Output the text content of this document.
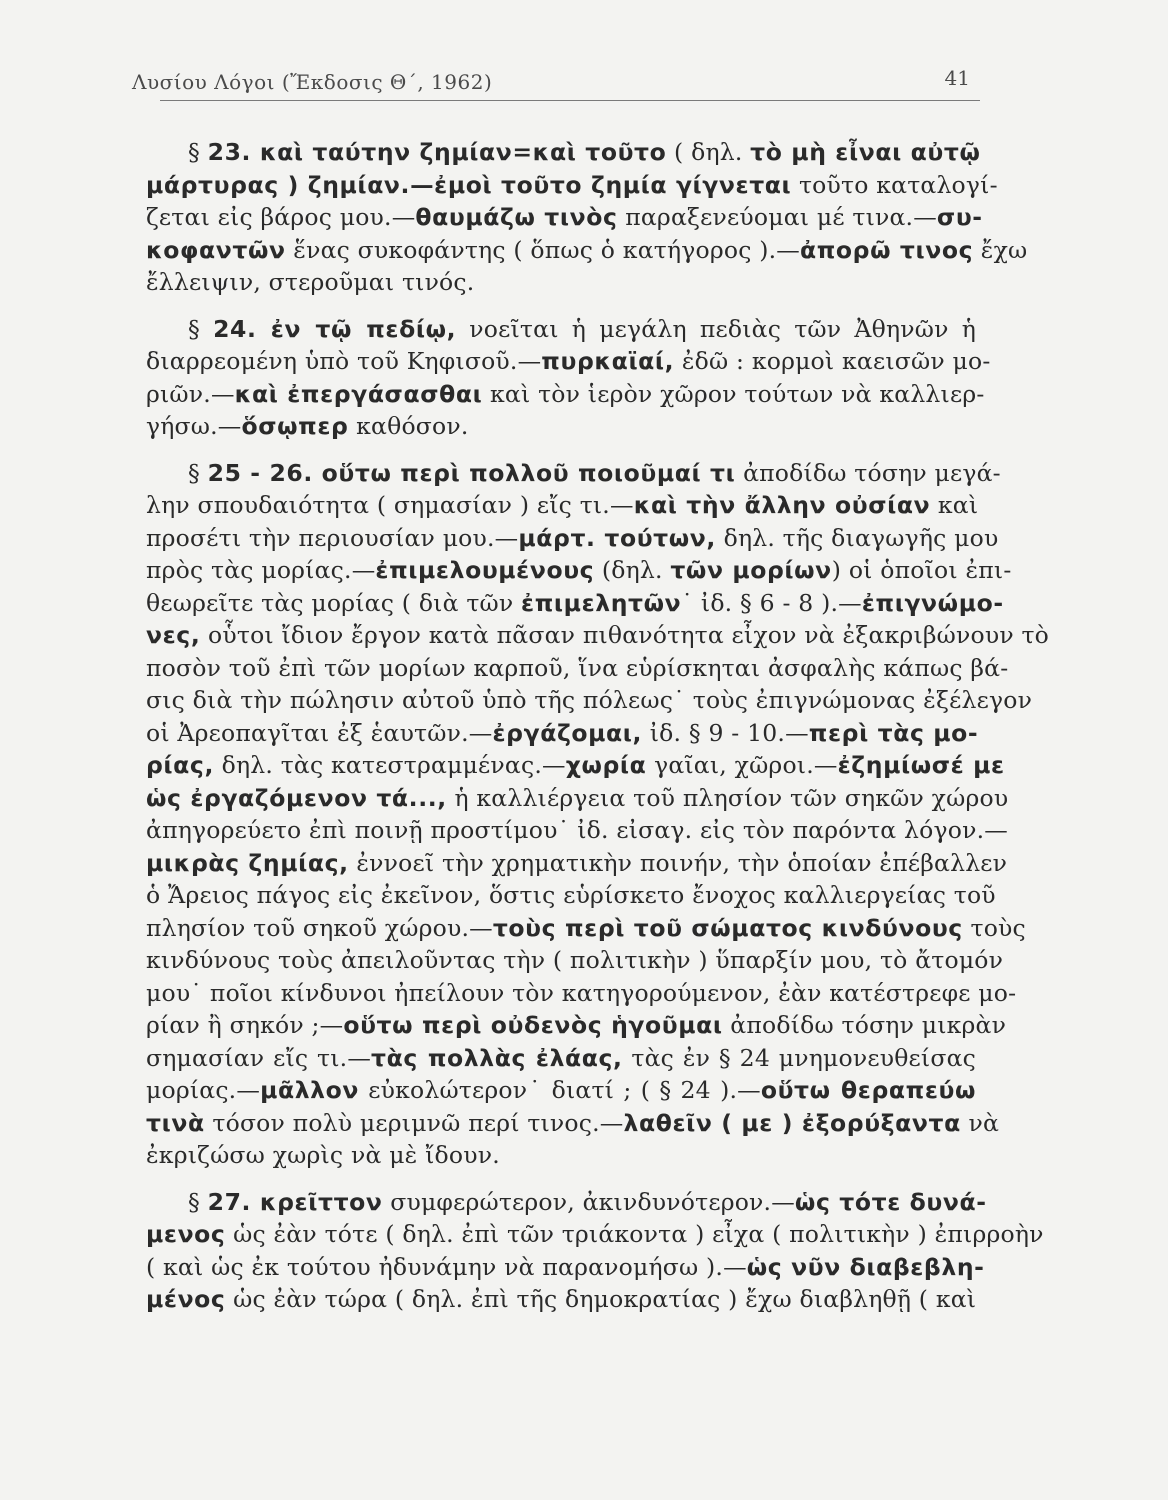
Λυσίου Λόγοι (Ἔκδοσις Θ΄, 1962)	41
§ 23. καὶ ταύτην ζημίαν=καὶ τοῦτο ( δηλ. τὸ μὴ εἶναι αὐτῷ
μάρτυρας ) ζημίαν.—ἐμοὶ τοῦτο ζημία γίγνεται τοῦτο καταλογί-
ζεται εἰς βάρος μου.—θαυμάζω τινὸς παραξενεύομαι μέ τινα.—συ-
κοφαντῶν ἕνας συκοφάντης ( ὅπως ὁ κατήγορος ).—ἀπορῶ τινος ἔχω
ἔλλειψιν, στεροῦμαι τινός.
§ 24. ἐν τῷ πεδίῳ, νοεῖται ἡ μεγάλη πεδιὰς τῶν Ἀθηνῶν ἡ
διαρρεομένη ὑπὸ τοῦ Κηφισοῦ.—πυρκαϊαί, ἐδῶ : κορμοὶ καεισῶν μο-
ριῶν.—καὶ ἐπεργάσασθαι καὶ τὸν ἱερὸν χῶρον τούτων νὰ καλλιερ-
γήσω.—ὅσῳπερ καθόσον.
§ 25 - 26. οὕτω περὶ πολλοῦ ποιοῦμαί τι ἀποδίδω τόσην μεγά-
λην σπουδαιότητα ( σημασίαν ) εἴς τι.—καὶ τὴν ἄλλην οὐσίαν καὶ
προσέτι τὴν περιουσίαν μου.—μάρτ. τούτων, δηλ. τῆς διαγωγῆς μου
πρὸς τὰς μορίας.—ἐπιμελουμένους (δηλ. τῶν μορίων) οἱ ὁποῖοι ἐπι-
θεωρεῖτε τὰς μορίας ( διὰ τῶν ἐπιμελητῶν˙ ἰδ. § 6 - 8 ).—ἐπιγνώμο-
νες, οὗτοι ἴδιον ἔργον κατὰ πᾶσαν πιθανότητα εἶχον νὰ ἐξακριβώνουν τὸ
ποσὸν τοῦ ἐπὶ τῶν μορίων καρποῦ, ἵνα εὑρίσκηται ἀσφαλὴς κάπως βά-
σις διὰ τὴν πώλησιν αὐτοῦ ὑπὸ τῆς πόλεως˙ τοὺς ἐπιγνώμονας ἐξέλεγον
οἱ Ἀρεοπαγῖται ἐξ ἑαυτῶν.—ἐργάζομαι, ἰδ. § 9 - 10.—περὶ τὰς μο-
ρίας, δηλ. τὰς κατεστραμμένας.—χωρία γαῖαι, χῶροι.—ἐζημίωσέ με
ὡς ἐργαζόμενον τά..., ἡ καλλιέργεια τοῦ πλησίον τῶν σηκῶν χώρου
ἀπηγορεύετο ἐπὶ ποινῇ προστίμου˙ ἰδ. εἰσαγ. εἰς τὸν παρόντα λόγον.—
μικρὰς ζημίας, ἐννοεῖ τὴν χρηματικὴν ποινήν, τὴν ὁποίαν ἐπέβαλλεν
ὁ Ἄρειος πάγος εἰς ἐκεῖνον, ὅστις εὑρίσκετο ἔνοχος καλλιεργείας τοῦ
πλησίον τοῦ σηκοῦ χώρου.—τοὺς περὶ τοῦ σώματος κινδύνους τοὺς
κινδύνους τοὺς ἀπειλοῦντας τὴν ( πολιτικὴν ) ὕπαρξίν μου, τὸ ἄτομόν
μου˙ ποῖοι κίνδυνοι ἠπείλουν τὸν κατηγορούμενον, ἐὰν κατέστρεφε μο-
ρίαν ἢ σηκόν ;—οὕτω περὶ οὐδενὸς ἡγοῦμαι ἀποδίδω τόσην μικρὰν
σημασίαν εἴς τι.—τὰς πολλὰς ἐλάας, τὰς ἐν § 24 μνημονευθείσας
μορίας.—μᾶλλον εὐκολώτερον˙ διατί ; ( § 24 ).—οὕτω θεραπεύω
τινὰ τόσον πολὺ μεριμνῶ περί τινος.—λαθεῖν ( με ) ἐξορύξαντα νὰ
ἐκριζώσω χωρὶς νὰ μὲ ἴδουν.
§ 27. κρεῖττον συμφερώτερον, ἀκινδυνότερον.—ὡς τότε δυνά-
μενος ὡς ἐὰν τότε ( δηλ. ἐπὶ τῶν τριάκοντα ) εἶχα ( πολιτικὴν ) ἐπιρροὴν
( καὶ ὡς ἐκ τούτου ἠδυνάμην νὰ παρανομήσω ).—ὡς νῦν διαβεβλη-
μένος ὡς ἐὰν τώρα ( δηλ. ἐπὶ τῆς δημοκρατίας ) ἔχω διαβληθῇ ( καὶ
